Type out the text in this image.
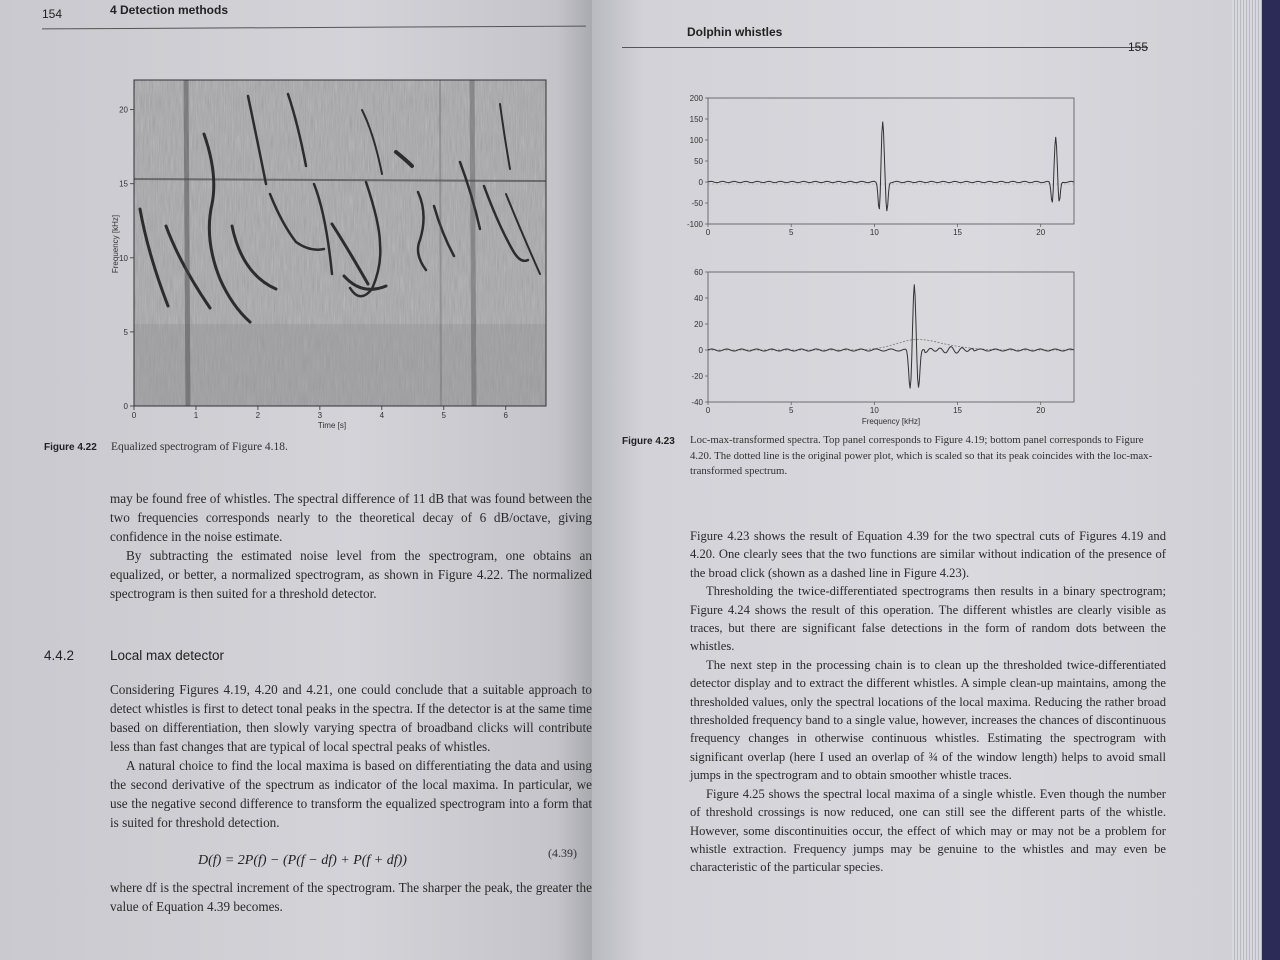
154	4 Detection methods
0	1	2	3	4	5	6
0
5
10
15
20
Time [s]
Frequency [kHz]
Figure 4.22 Equalized spectrogram of Figure 4.18.

may be found free of whistles. The spectral difference of 11 dB that was found between the two frequencies corresponds nearly to the theoretical decay of 6 dB/octave, giving confidence in the noise estimate.

By subtracting the estimated noise level from the spectrogram, one obtains an equalized, or better, a normalized spectrogram, as shown in Figure 4.22. The normalized spectrogram is then suited for a threshold detector.

4.4.2	Local max detector

Considering Figures 4.19, 4.20 and 4.21, one could conclude that a suitable approach to detect whistles is first to detect tonal peaks in the spectra. If the detector is at the same time based on differentiation, then slowly varying spectra of broadband clicks will contribute less than fast changes that are typical of local spectral peaks of whistles.

A natural choice to find the local maxima is based on differentiating the data and using the second derivative of the spectrum as indicator of the local maxima. In particular, we use the negative second difference to transform the equalized spectrogram into a form that is suited for threshold detection.

D(f) = 2P(f) − (P(f − df) + P(f + df))	(4.39)

where df is the spectral increment of the spectrogram. The sharper the peak, the greater the value of Equation 4.39 becomes.

Dolphin whistles
155
200
150
100
50
0
-50
-100
0	5	10	15	20
60
40
20
0
-20
-40
0	5	10	15	20
Frequency [kHz]
Figure 4.23 Loc-max-transformed spectra. Top panel corresponds to Figure 4.19; bottom panel corresponds to Figure 4.20. The dotted line is the original power plot, which is scaled so that its peak coincides with the loc-max-transformed spectrum.

Figure 4.23 shows the result of Equation 4.39 for the two spectral cuts of Figures 4.19 and 4.20. One clearly sees that the two functions are similar without indication of the presence of the broad click (shown as a dashed line in Figure 4.23).

Thresholding the twice-differentiated spectrograms then results in a binary spectrogram; Figure 4.24 shows the result of this operation. The different whistles are clearly visible as traces, but there are significant false detections in the form of random dots between the whistles.

The next step in the processing chain is to clean up the thresholded twice-differentiated detector display and to extract the different whistles. A simple clean-up maintains, among the thresholded values, only the spectral locations of the local maxima. Reducing the rather broad thresholded frequency band to a single value, however, increases the chances of discontinuous frequency changes in otherwise continuous whistles. Estimating the spectrogram with significant overlap (here I used an overlap of ¾ of the window length) helps to avoid small jumps in the spectrogram and to obtain smoother whistle traces.

Figure 4.25 shows the spectral local maxima of a single whistle. Even though the number of threshold crossings is now reduced, one can still see the different parts of the whistle. However, some discontinuities occur, the effect of which may or may not be a problem for whistle extraction. Frequency jumps may be genuine to the whistles and may even be characteristic of the particular species.
